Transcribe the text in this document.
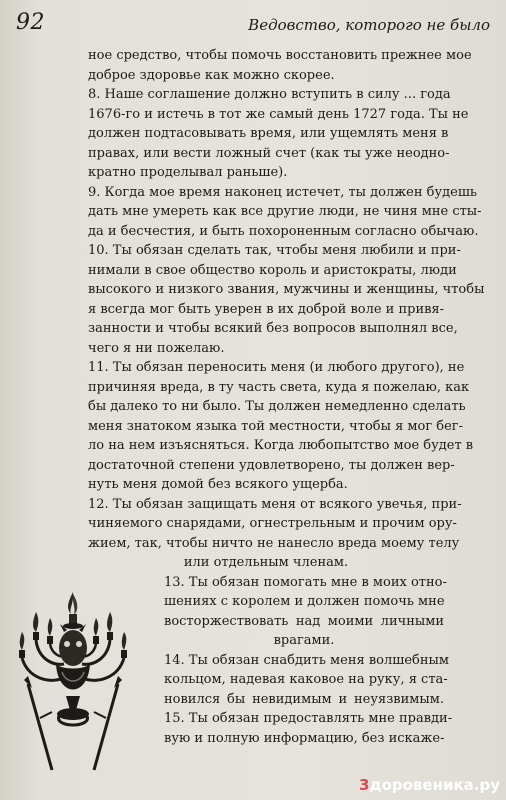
92	Ведовство, которого не было
ное средство, чтобы помочь восстановить прежнее мое
доброе здоровье как можно скорее.
8. Наше соглашение должно вступить в силу ... года
1676-го и истечь в тот же самый день 1727 года. Ты не
должен подтасовывать время, или ущемлять меня в
правах, или вести ложный счет (как ты уже неодно-
кратно проделывал раньше).
9. Когда мое время наконец истечет, ты должен будешь
дать мне умереть как все другие люди, не чиня мне сты-
да и бесчестия, и быть похороненным согласно обычаю.
10. Ты обязан сделать так, чтобы меня любили и при-
нимали в свое общество король и аристократы, люди
высокого и низкого звания, мужчины и женщины, чтобы
я всегда мог быть уверен в их доброй воле и привя-
занности и чтобы всякий без вопросов выполнял все,
чего я ни пожелаю.
11. Ты обязан переносить меня (и любого другого), не
причиняя вреда, в ту часть света, куда я пожелаю, как
бы далеко то ни было. Ты должен немедленно сделать
меня знатоком языка той местности, чтобы я мог бег-
ло на нем изъясняться. Когда любопытство мое будет в
достаточной степени удовлетворено, ты должен вер-
нуть меня домой без всякого ущерба.
12. Ты обязан защищать меня от всякого увечья, при-
чиняемого снарядами, огнестрельным и прочим ору-
жием, так, чтобы ничто не нанесло вреда моему телу
или отдельным членам.
13. Ты обязан помогать мне в моих отно-
шениях с королем и должен помочь мне
восторжествовать над моими личными
врагами.
14. Ты обязан снабдить меня волшебным
кольцом, надевая каковое на руку, я ста-
новился бы невидимым и неуязвимым.
15. Ты обязан предоставлять мне правди-
вую и полную информацию, без искаже-
3доровеника.ру
